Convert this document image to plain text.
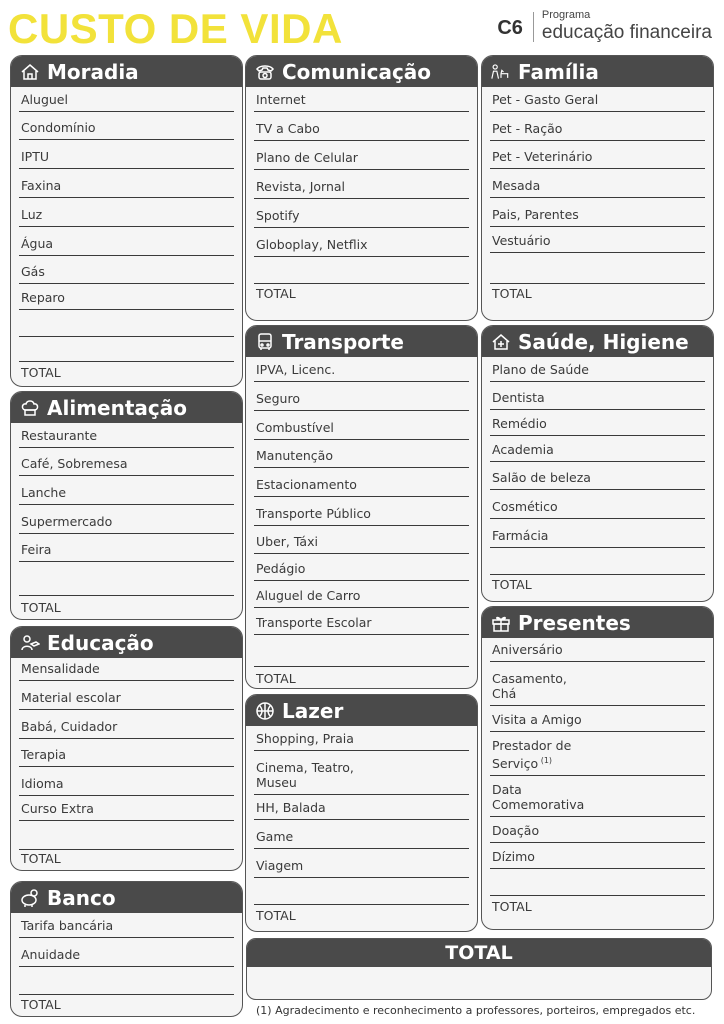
CUSTO DE VIDA	C6
Programa
educação financeira
Moradia
Aluguel
Condomínio
IPTU
Faxina
Luz
Água
Gás
Reparo
TOTAL
Alimentação
Restaurante
Café, Sobremesa
Lanche
Supermercado
Feira
TOTAL
Educação
Mensalidade
Material escolar
Babá, Cuidador
Terapia
Idioma
Curso Extra
TOTAL
Banco
Tarifa bancária
Anuidade
TOTAL
Comunicação
Internet
TV a Cabo
Plano de Celular
Revista, Jornal
Spotify
Globoplay, Netflix
TOTAL
Transporte
IPVA, Licenc.
Seguro
Combustível
Manutenção
Estacionamento
Transporte Público
Uber, Táxi
Pedágio
Aluguel de Carro
Transporte Escolar
TOTAL
Lazer
Shopping, Praia
Cinema, Teatro,
Museu
HH, Balada
Game
Viagem
TOTAL
Família
Pet - Gasto Geral
Pet - Ração
Pet - Veterinário
Mesada
Pais, Parentes
Vestuário
TOTAL
Saúde, Higiene
Plano de Saúde
Dentista
Remédio
Academia
Salão de beleza
Cosmético
Farmácia
TOTAL
Presentes
Aniversário
Casamento,
Chá
Visita a Amigo
Prestador de
Serviço $^{(1)}$
Data
Comemorativa
Doação
Dízimo
TOTAL
TOTAL
(1) Agradecimento e reconhecimento a professores, porteiros, empregados etc.
